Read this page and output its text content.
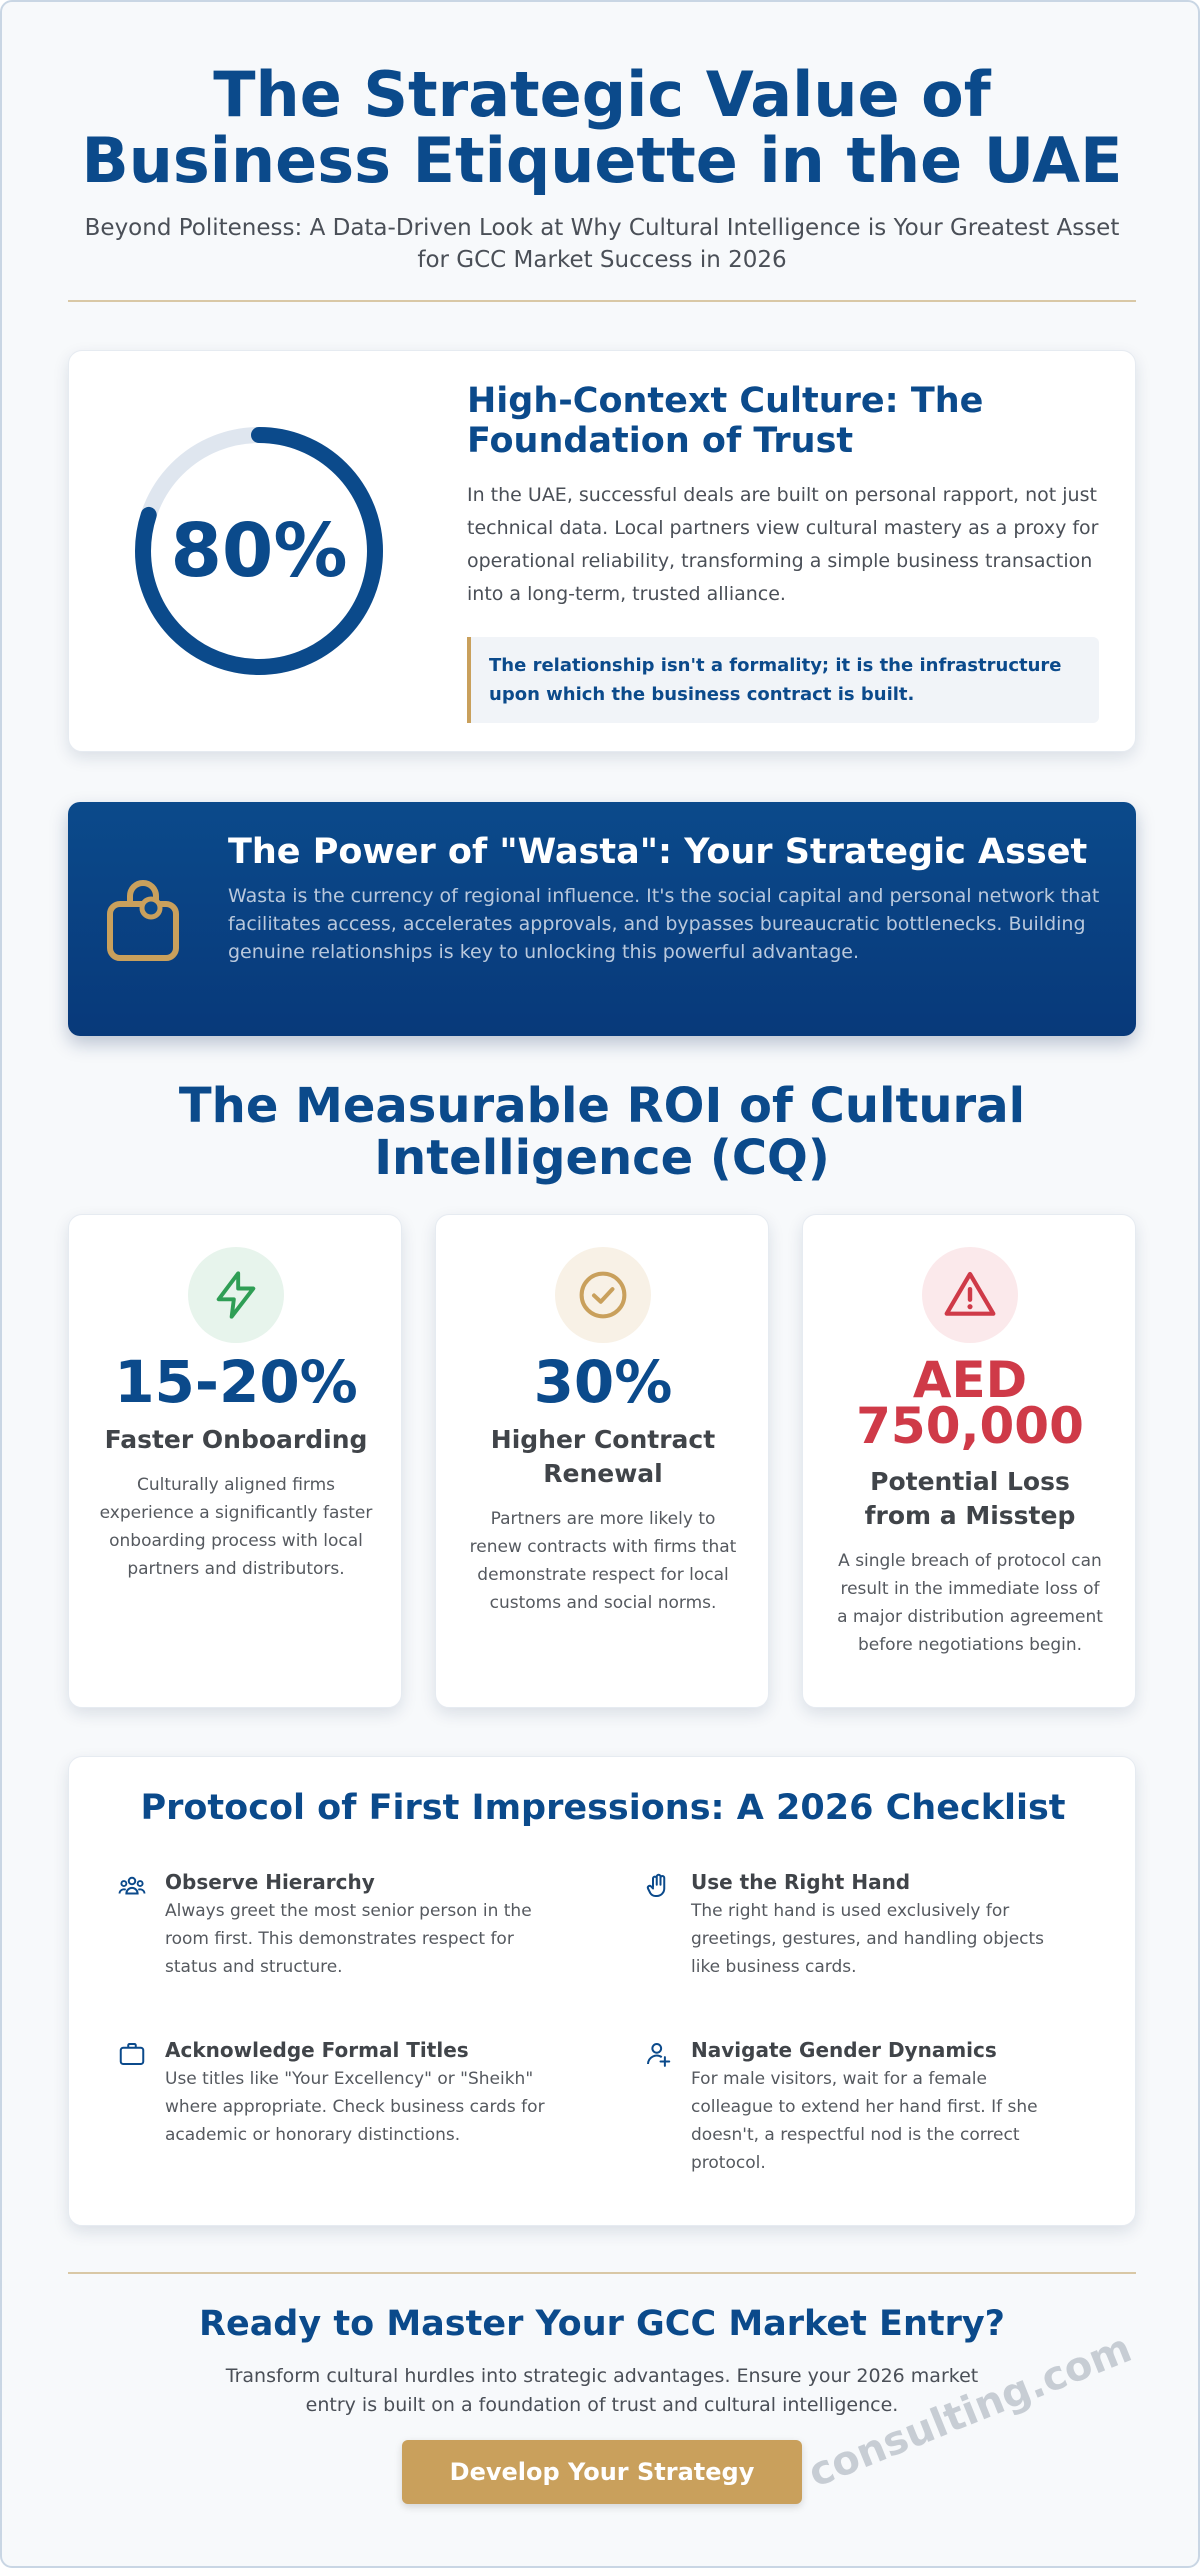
The Strategic Value of Business Etiquette in the UAE

Beyond Politeness: A Data-Driven Look at Why Cultural Intelligence is Your Greatest Asset for GCC Market Success in 2026

80%
High-Context Culture: The Foundation of Trust

In the UAE, successful deals are built on personal rapport, not just technical data. Local partners view cultural mastery as a proxy for operational reliability, transforming a simple business transaction into a long-term, trusted alliance.

The relationship isn't a formality; it is the infrastructure upon which the business contract is built.
The Power of "Wasta": Your Strategic Asset

Wasta is the currency of regional influence. It's the social capital and personal network that facilitates access, accelerates approvals, and bypasses bureaucratic bottlenecks. Building genuine relationships is key to unlocking this powerful advantage.

The Measurable ROI of Cultural Intelligence (CQ)
15-20%
Faster Onboarding
Culturally aligned firms experience a significantly faster onboarding process with local partners and distributors.
30%
Higher Contract Renewal
Partners are more likely to renew contracts with firms that demonstrate respect for local customs and social norms.
AED 750,000
Potential Loss from a Misstep
A single breach of protocol can result in the immediate loss of a major distribution agreement before negotiations begin.
Protocol of First Impressions: A 2026 Checklist
Observe Hierarchy
Always greet the most senior person in the room first. This demonstrates respect for status and structure.
Use the Right Hand
The right hand is used exclusively for greetings, gestures, and handling objects like business cards.
Acknowledge Formal Titles
Use titles like "Your Excellency" or "Sheikh" where appropriate. Check business cards for academic or honorary distinctions.
Navigate Gender Dynamics
For male visitors, wait for a female colleague to extend her hand first. If she doesn't, a respectful nod is the correct protocol.
Ready to Master Your GCC Market Entry?

Transform cultural hurdles into strategic advantages. Ensure your 2026 market entry is built on a foundation of trust and cultural intelligence.

Develop Your Strategy	consulting.com
